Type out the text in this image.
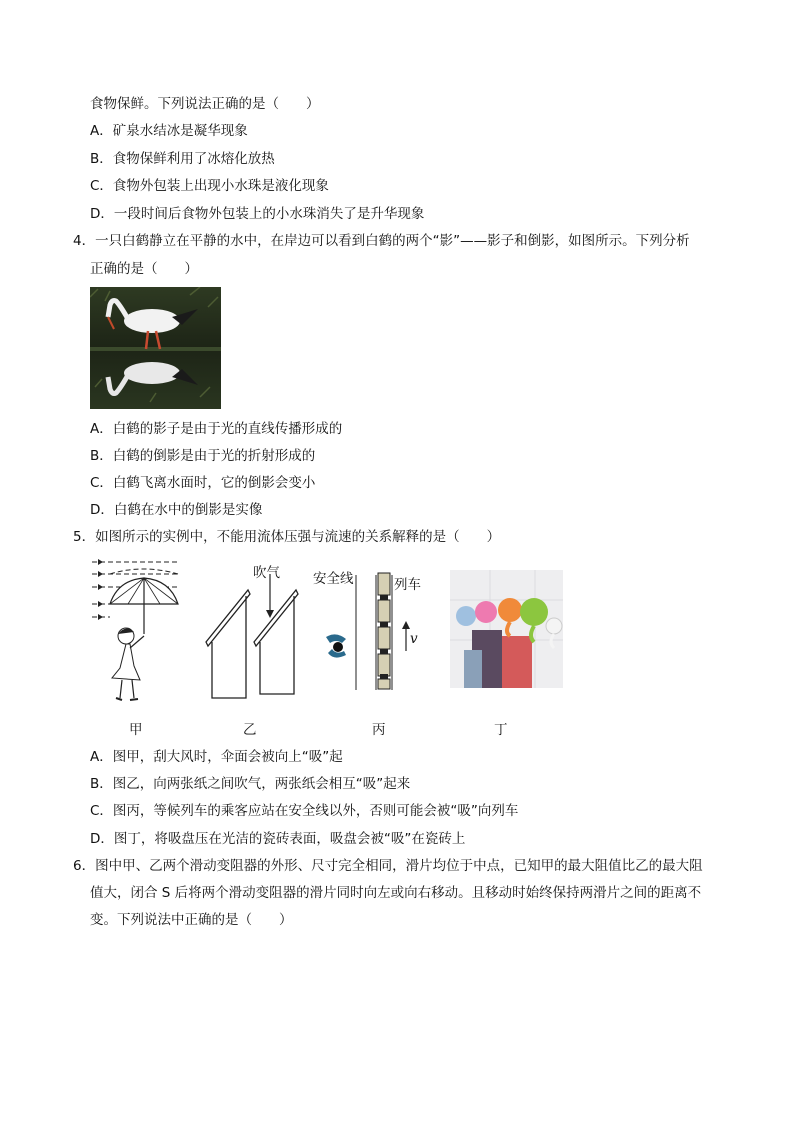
食物保鲜。下列说法正确的是（　　）
A．矿泉水结冰是凝华现象
B．食物保鲜利用了冰熔化放热
C．食物外包装上出现小水珠是液化现象
D．一段时间后食物外包装上的小水珠消失了是升华现象
4．一只白鹤静立在平静的水中，在岸边可以看到白鹤的两个“影”——影子和倒影，如图所示。下列分析
正确的是（　　）
A．白鹤的影子是由于光的直线传播形成的
B．白鹤的倒影是由于光的折射形成的
C．白鹤飞离水面时，它的倒影会变小
D．白鹤在水中的倒影是实像
5．如图所示的实例中，不能用流体压强与流速的关系解释的是（　　）
吹气 安全线	列车
v
甲	乙	丙	丁
A．图甲，刮大风时，伞面会被向上“吸”起
B．图乙，向两张纸之间吹气，两张纸会相互“吸”起来
C．图丙，等候列车的乘客应站在安全线以外，否则可能会被“吸”向列车
D．图丁，将吸盘压在光洁的瓷砖表面，吸盘会被“吸”在瓷砖上
6．图中甲、乙两个滑动变阻器的外形、尺寸完全相同，滑片均位于中点，已知甲的最大阻值比乙的最大阻
值大，闭合 S 后将两个滑动变阻器的滑片同时向左或向右移动。且移动时始终保持两滑片之间的距离不
变。下列说法中正确的是（　　）
